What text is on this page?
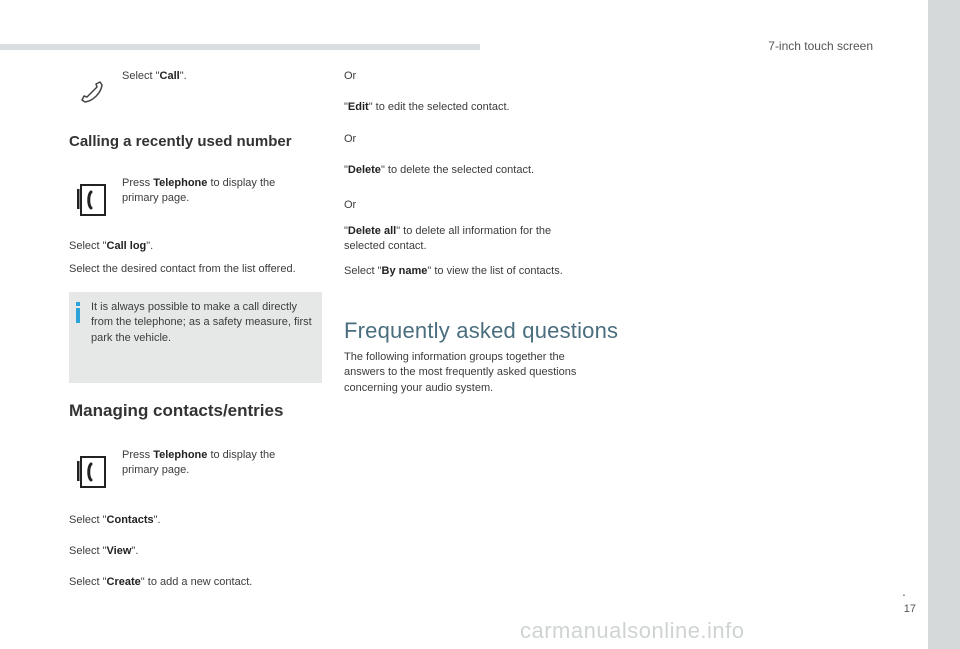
7-inch touch screen
.
17
carmanualsonline.info
Select "Call".
Calling a recently used number
Press Telephone to display the primary page.
Select "Call log".
Select the desired contact from the list offered.
It is always possible to make a call directly from the telephone; as a safety measure, first park the vehicle.
Managing contacts/entries
Press Telephone to display the primary page.
Select "Contacts".
Select "View".
Select "Create" to add a new contact.
Or
"Edit" to edit the selected contact.
Or
"Delete" to delete the selected contact.
Or
"Delete all" to delete all information for the selected contact.
Select "By name" to view the list of contacts.
Frequently asked questions
The following information groups together the answers to the most frequently asked questions concerning your audio system.
